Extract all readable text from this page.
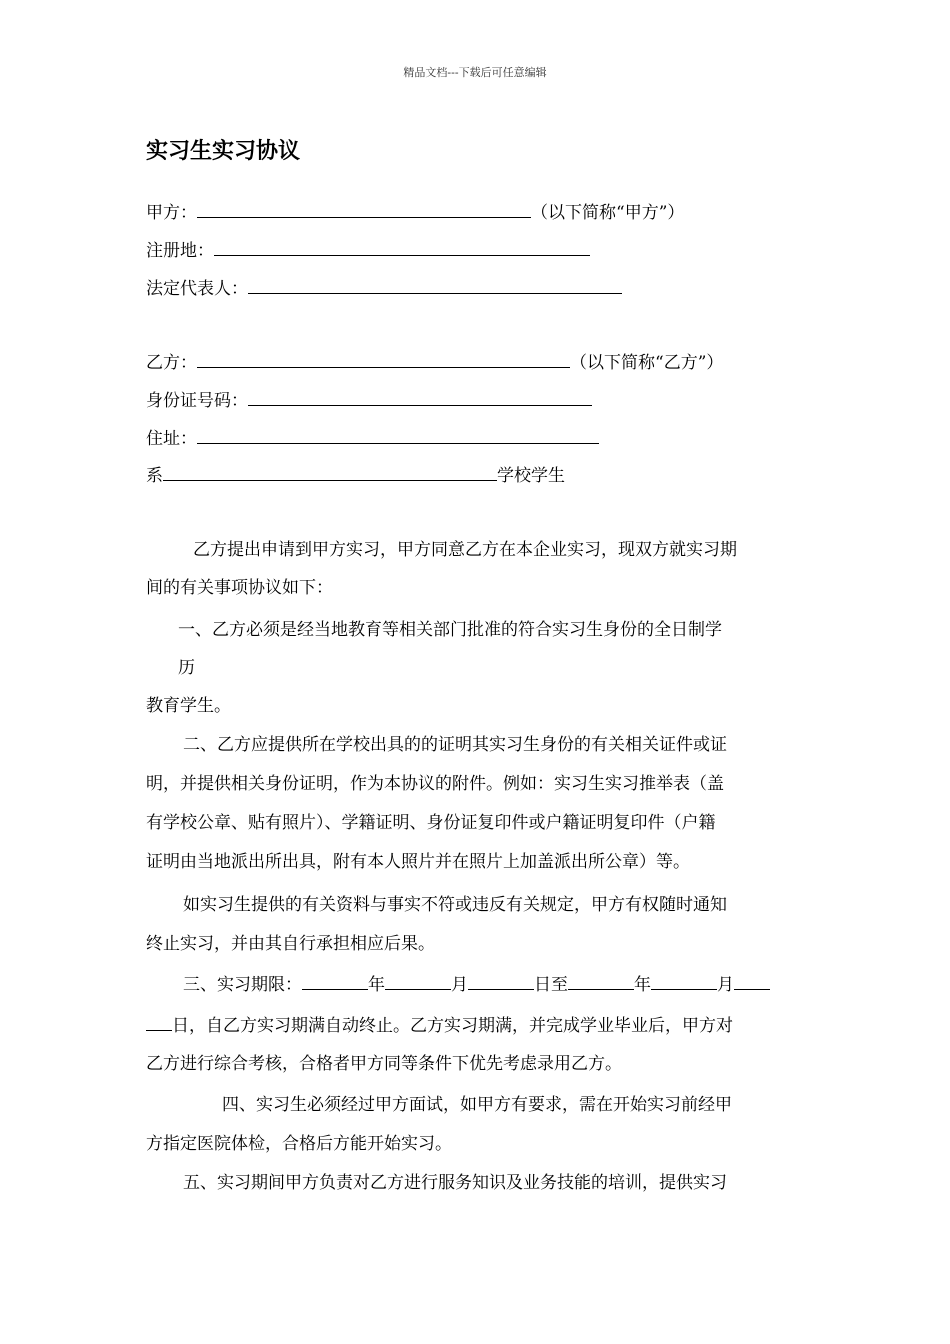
精品文档---下载后可任意编辑
实习生实习协议
甲方：	（以下简称“甲方”）
注册地：
法定代表人：
乙方：	（以下简称“乙方”）
身份证号码：
住址：
系	学校学生
乙方提出申请到甲方实习，甲方同意乙方在本企业实习，现双方就实习期
间的有关事项协议如下：
一、乙方必须是经当地教育等相关部门批准的符合实习生身份的全日制学
历
教育学生。
二、乙方应提供所在学校出具的的证明其实习生身份的有关相关证件或证
明，并提供相关身份证明，作为本协议的附件。例如：实习生实习推举表（盖
有学校公章、贴有照片）、学籍证明、身份证复印件或户籍证明复印件（户籍
证明由当地派出所出具，附有本人照片并在照片上加盖派出所公章）等。
如实习生提供的有关资料与事实不符或违反有关规定，甲方有权随时通知
终止实习，并由其自行承担相应后果。
三、实习期限：	年	月	日至	年	月
日，自乙方实习期满自动终止。乙方实习期满，并完成学业毕业后，甲方对
乙方进行综合考核，合格者甲方同等条件下优先考虑录用乙方。
四、实习生必须经过甲方面试，如甲方有要求，需在开始实习前经甲
方指定医院体检，合格后方能开始实习。
五、实习期间甲方负责对乙方进行服务知识及业务技能的培训，提供实习
